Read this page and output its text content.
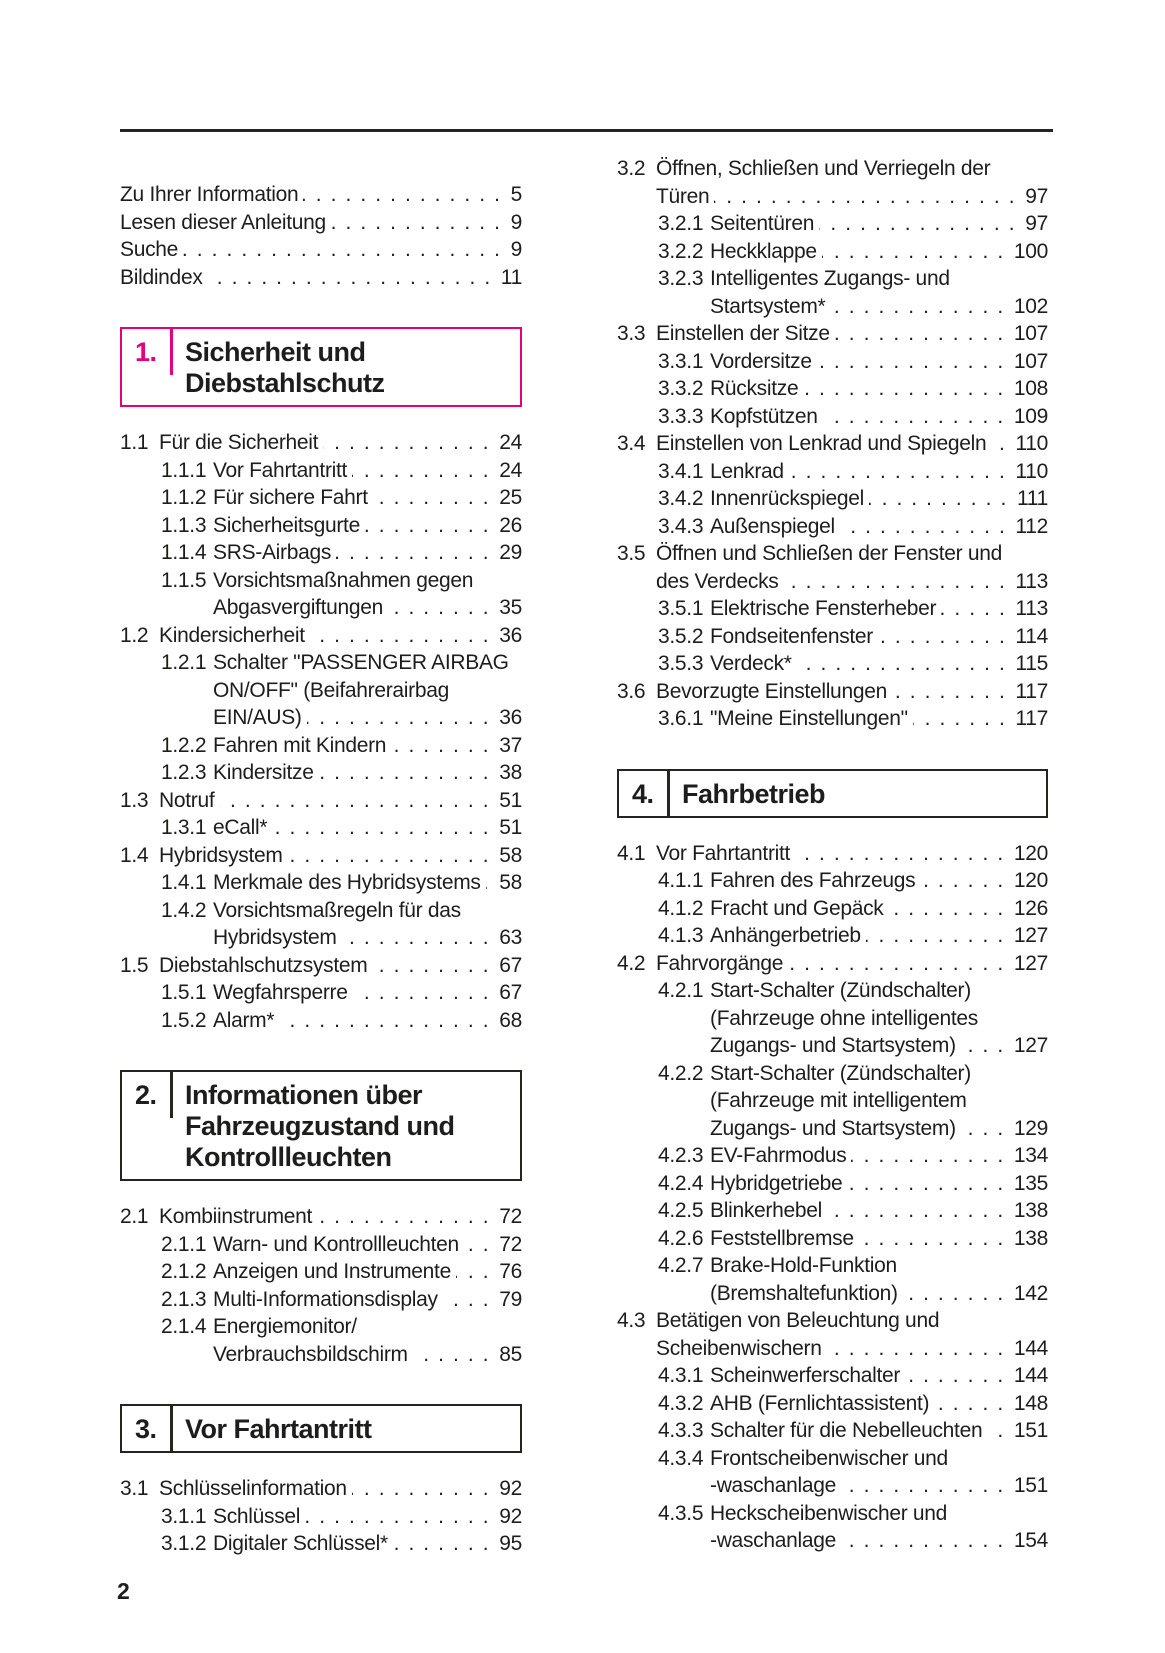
Zu Ihrer Information . . .	5
Lesen dieser Anleitung . . .	9
Suche . . .	9
Bildindex . . .	11
1.	Sicherheit und
Diebstahlschutz
1.1 Für die Sicherheit . . .	24
1.1.1 Vor Fahrtantritt . . .	24
1.1.2 Für sichere Fahrt . . .	25
1.1.3 Sicherheitsgurte . . .	26
1.1.4 SRS-Airbags . . .	29
1.1.5 Vorsichtsmaßnahmen gegen
Abgasvergiftungen . . .	35
1.2 Kindersicherheit . . .	36
1.2.1 Schalter "PASSENGER AIRBAG
ON/OFF" (Beifahrerairbag
EIN/AUS) . . .	36
1.2.2 Fahren mit Kindern . . .	37
1.2.3 Kindersitze . . .	38
1.3 Notruf . . .	51
1.3.1 eCall* . . .	51
1.4 Hybridsystem . . .	58
1.4.1 Merkmale des Hybridsystems . . . 58
1.4.2 Vorsichtsmaßregeln für das
Hybridsystem . . .	63
1.5 Diebstahlschutzsystem . . .	67
1.5.1 Wegfahrsperre . . .	67
1.5.2 Alarm* . . .	68
2.	Informationen über
Fahrzeugzustand und
Kontrollleuchten
2.1 Kombiinstrument . . .	72
2.1.1 Warn- und Kontrollleuchten . . . 72
2.1.2 Anzeigen und Instrumente . . . 76
2.1.3 Multi-Informationsdisplay . . .	79
2.1.4 Energiemonitor/
Verbrauchsbildschirm . . .	85
3.	Vor Fahrtantritt
3.1 Schlüsselinformation . . .	92
3.1.1 Schlüssel . . .	92
3.1.2 Digitaler Schlüssel* . . .	95
3.2 Öffnen, Schließen und Verriegeln der
Türen . . .	97
3.2.1 Seitentüren . . .	97
3.2.2 Heckklappe . . .	100
3.2.3 Intelligentes Zugangs- und
Startsystem* . . .	102
3.3 Einstellen der Sitze . . .	107
3.3.1 Vordersitze . . .	107
3.3.2 Rücksitze . . .	108
3.3.3 Kopfstützen . . .	109
3.4 Einstellen von Lenkrad und Spiegeln . . . 110
3.4.1 Lenkrad . . .	110
3.4.2 Innenrückspiegel . . .	111
3.4.3 Außenspiegel . . .	112
3.5 Öffnen und Schließen der Fenster und
des Verdecks . . .	113
3.5.1 Elektrische Fensterheber . . .	113
3.5.2 Fondseitenfenster . . .	114
3.5.3 Verdeck* . . .	115
3.6 Bevorzugte Einstellungen . . .	117
3.6.1 "Meine Einstellungen" . . .	117
4.	Fahrbetrieb
4.1 Vor Fahrtantritt . . .	120
4.1.1 Fahren des Fahrzeugs . . .	120
4.1.2 Fracht und Gepäck . . .	126
4.1.3 Anhängerbetrieb . . .	127
4.2 Fahrvorgänge . . .	127
4.2.1 Start-Schalter (Zündschalter)
(Fahrzeuge ohne intelligentes
Zugangs- und Startsystem) . . .	127
4.2.2 Start-Schalter (Zündschalter)
(Fahrzeuge mit intelligentem
Zugangs- und Startsystem) . . .	129
4.2.3 EV-Fahrmodus . . .	134
4.2.4 Hybridgetriebe . . .	135
4.2.5 Blinkerhebel . . .	138
4.2.6 Feststellbremse . . .	138
4.2.7 Brake-Hold-Funktion
(Bremshaltefunktion) . . .	142
4.3 Betätigen von Beleuchtung und
Scheibenwischern . . .	144
4.3.1 Scheinwerferschalter . . .	144
4.3.2 AHB (Fernlichtassistent) . . .	148
4.3.3 Schalter für die Nebelleuchten . . . 151
4.3.4 Frontscheibenwischer und
-waschanlage . . .	151
4.3.5 Heckscheibenwischer und
-waschanlage . . .	154
2
